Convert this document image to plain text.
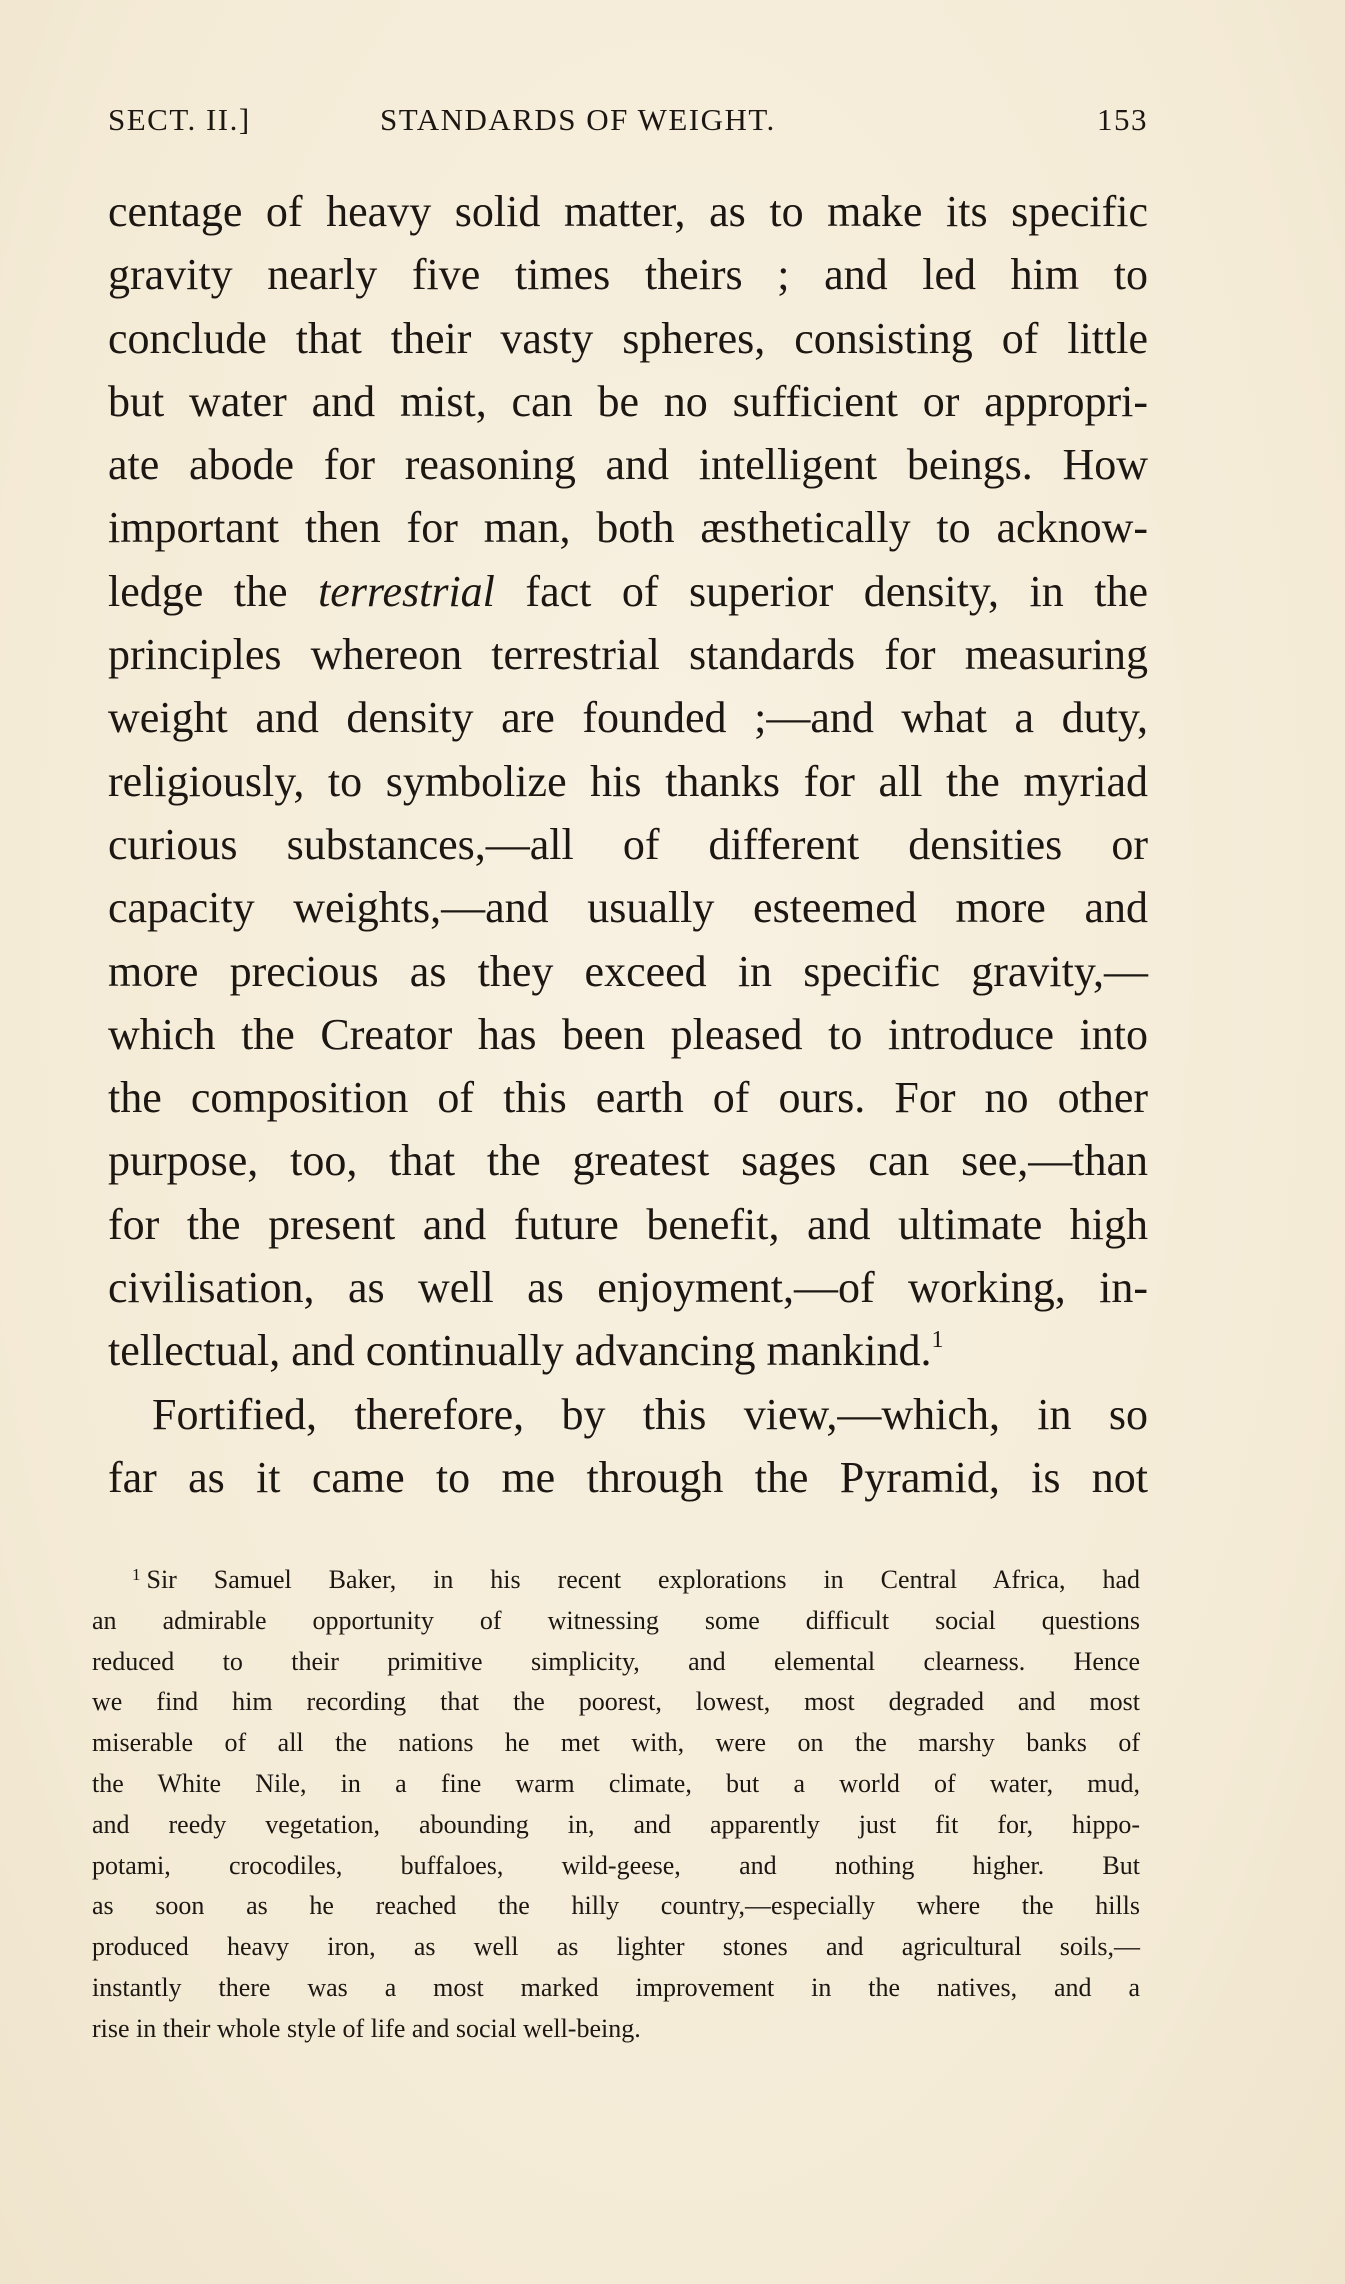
SECT. II.]	STANDARDS OF WEIGHT.	153
centage of heavy solid matter, as to make its specific
gravity nearly five times theirs ; and led him to
conclude that their vasty spheres, consisting of little
but water and mist, can be no sufficient or appropri-
ate abode for reasoning and intelligent beings. How
important then for man, both æsthetically to acknow-
ledge the terrestrial fact of superior density, in the
principles whereon terrestrial standards for measuring
weight and density are founded ;—and what a duty,
religiously, to symbolize his thanks for all the myriad
curious substances,—all of different densities or
capacity weights,—and usually esteemed more and
more precious as they exceed in specific gravity,—
which the Creator has been pleased to introduce into
the composition of this earth of ours. For no other
purpose, too, that the greatest sages can see,—than
for the present and future benefit, and ultimate high
civilisation, as well as enjoyment,—of working, in-
tellectual, and continually advancing mankind.$^1$
Fortified, therefore, by this view,—which, in so
far as it came to me through the Pyramid, is not
$^1$ Sir Samuel Baker, in his recent explorations in Central Africa, had
an admirable opportunity of witnessing some difficult social questions
reduced to their primitive simplicity, and elemental clearness. Hence
we find him recording that the poorest, lowest, most degraded and most
miserable of all the nations he met with, were on the marshy banks of
the White Nile, in a fine warm climate, but a world of water, mud,
and reedy vegetation, abounding in, and apparently just fit for, hippo-
potami, crocodiles, buffaloes, wild-geese, and nothing higher. But
as soon as he reached the hilly country,—especially where the hills
produced heavy iron, as well as lighter stones and agricultural soils,—
instantly there was a most marked improvement in the natives, and a
rise in their whole style of life and social well-being.
